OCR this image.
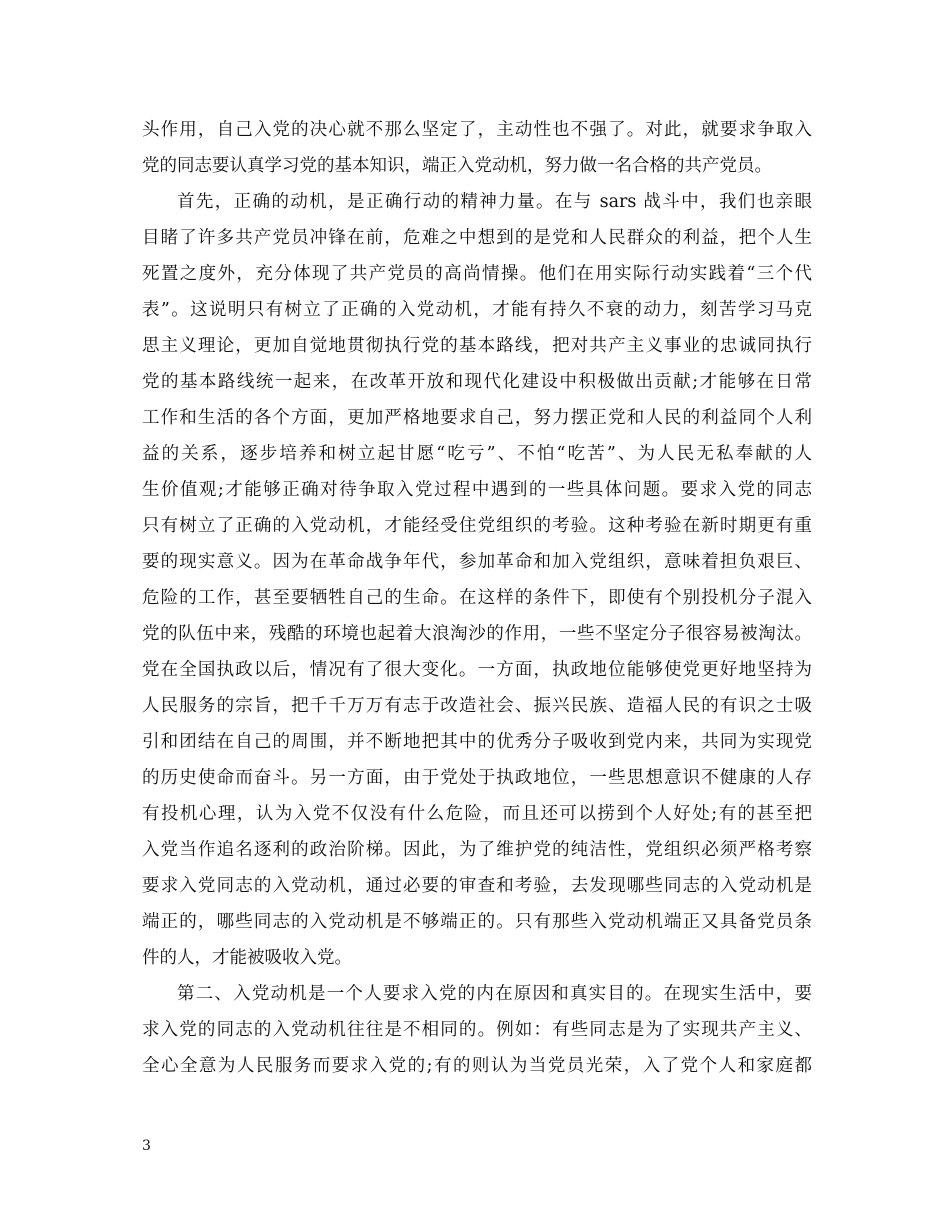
头作用，自己入党的决心就不那么坚定了，主动性也不强了。对此，就要求争取入
党的同志要认真学习党的基本知识，端正入党动机，努力做一名合格的共产党员。
首先，正确的动机，是正确行动的精神力量。在与 sars 战斗中，我们也亲眼
目睹了许多共产党员冲锋在前，危难之中想到的是党和人民群众的利益，把个人生
死置之度外，充分体现了共产党员的高尚情操。他们在用实际行动实践着“三个代
表”。这说明只有树立了正确的入党动机，才能有持久不衰的动力，刻苦学习马克
思主义理论，更加自觉地贯彻执行党的基本路线，把对共产主义事业的忠诚同执行
党的基本路线统一起来，在改革开放和现代化建设中积极做出贡献;才能够在日常
工作和生活的各个方面，更加严格地要求自己，努力摆正党和人民的利益同个人利
益的关系，逐步培养和树立起甘愿“吃亏”、不怕“吃苦”、为人民无私奉献的人
生价值观;才能够正确对待争取入党过程中遇到的一些具体问题。要求入党的同志
只有树立了正确的入党动机，才能经受住党组织的考验。这种考验在新时期更有重
要的现实意义。因为在革命战争年代，参加革命和加入党组织，意味着担负艰巨、
危险的工作，甚至要牺牲自己的生命。在这样的条件下，即使有个别投机分子混入
党的队伍中来，残酷的环境也起着大浪淘沙的作用，一些不坚定分子很容易被淘汰。
党在全国执政以后，情况有了很大变化。一方面，执政地位能够使党更好地坚持为
人民服务的宗旨，把千千万万有志于改造社会、振兴民族、造福人民的有识之士吸
引和团结在自己的周围，并不断地把其中的优秀分子吸收到党内来，共同为实现党
的历史使命而奋斗。另一方面，由于党处于执政地位，一些思想意识不健康的人存
有投机心理，认为入党不仅没有什么危险，而且还可以捞到个人好处;有的甚至把
入党当作追名逐利的政治阶梯。因此，为了维护党的纯洁性，党组织必须严格考察
要求入党同志的入党动机，通过必要的审查和考验，去发现哪些同志的入党动机是
端正的，哪些同志的入党动机是不够端正的。只有那些入党动机端正又具备党员条
件的人，才能被吸收入党。
第二、入党动机是一个人要求入党的内在原因和真实目的。在现实生活中，要
求入党的同志的入党动机往往是不相同的。例如：有些同志是为了实现共产主义、
全心全意为人民服务而要求入党的;有的则认为当党员光荣，入了党个人和家庭都
3
